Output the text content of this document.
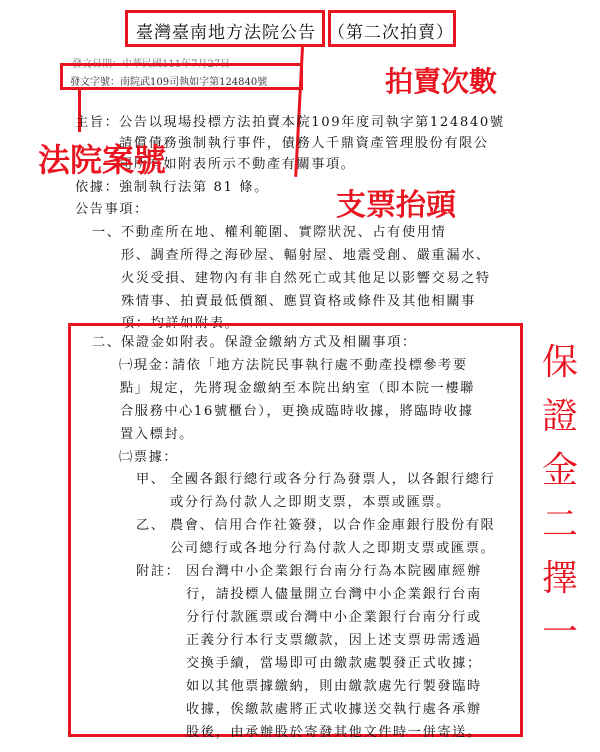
臺灣臺南地方法院公告 （第二次拍賣）
發文日期：中華民國111年7月27日
發文字號：南院武109司執如字第124840號
主旨： 公告以現場投標方法拍賣本院109年度司執字第124840號
請償債務強制執行事件，債務人千鼎資產管理股份有限公
司所有如附表所示不動產有關事項。
依據： 強制執行法第 81 條。
公告事項：
一、 不動產所在地、權利範圍、實際狀況、占有使用情
形、調查所得之海砂屋、輻射屋、地震受創、嚴重漏水、
火災受損、建物內有非自然死亡或其他足以影響交易之特
殊情事、拍賣最低價額、應買資格或條件及其他相關事
項：均詳如附表。
二、 保證金如附表。保證金繳納方式及相關事項：
㈠現金：
請依「地方法院民事執行處不動產投標參考要
點」規定，先將現金繳納至本院出納室（即本院一樓聯
合服務中心16號櫃台），更換成臨時收據，將臨時收據
置入標封。
㈡票據：
甲、 全國各銀行總行或各分行為發票人，以各銀行總行
或分行為付款人之即期支票，本票或匯票。
乙、 農會、信用合作社簽發，以合作金庫銀行股份有限
公司總行或各地分行為付款人之即期支票或匯票。
附註： 因台灣中小企業銀行台南分行為本院國庫經辦
行，請投標人儘量開立台灣中小企業銀行台南
分行付款匯票或台灣中小企業銀行台南分行或
正義分行本行支票繳款，因上述支票毋需透過
交換手續，當場即可由繳款處製發正式收據；
如以其他票據繳納，則由繳款處先行製發臨時
收據，俟繳款處將正式收據送交執行處各承辦
股後，由承辦股於寄發其他文件時一併寄送。
拍賣次數
法院案號
支票抬頭
保
證
金
二
擇
一
